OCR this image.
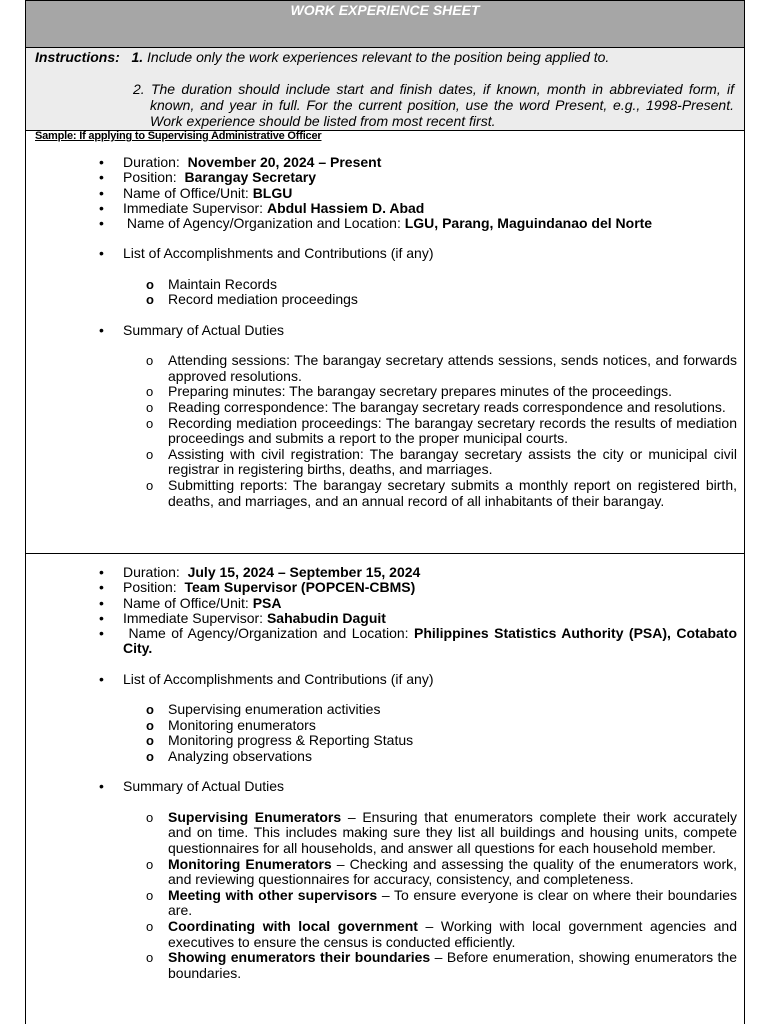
WORK EXPERIENCE SHEET
Instructions: 1. Include only the work experiences relevant to the position being applied to.
2. The duration should include start and finish dates, if known, month in abbreviated form, if known, and year in full. For the current position, use the word Present, e.g., 1998-Present. Work experience should be listed from most recent first.
Sample: If applying to Supervising Administrative Officer
• Duration: November 20, 2024 – Present
• Position: Barangay Secretary
• Name of Office/Unit: BLGU
• Immediate Supervisor: Abdul Hassiem D. Abad
• Name of Agency/Organization and Location: LGU, Parang, Maguindanao del Norte
• List of Accomplishments and Contributions (if any)
o Maintain Records
o Record mediation proceedings
• Summary of Actual Duties
o Attending sessions: The barangay secretary attends sessions, sends notices, and forwards approved resolutions.
o Preparing minutes: The barangay secretary prepares minutes of the proceedings.
o Reading correspondence: The barangay secretary reads correspondence and resolutions.
o Recording mediation proceedings: The barangay secretary records the results of mediation proceedings and submits a report to the proper municipal courts.
o Assisting with civil registration: The barangay secretary assists the city or municipal civil registrar in registering births, deaths, and marriages.
o Submitting reports: The barangay secretary submits a monthly report on registered birth, deaths, and marriages, and an annual record of all inhabitants of their barangay.
• Duration: July 15, 2024 – September 15, 2024
• Position: Team Supervisor (POPCEN-CBMS)
• Name of Office/Unit: PSA
• Immediate Supervisor: Sahabudin Daguit
• Name of Agency/Organization and Location: Philippines Statistics Authority (PSA), Cotabato City.
• List of Accomplishments and Contributions (if any)
o Supervising enumeration activities
o Monitoring enumerators
o Monitoring progress & Reporting Status
o Analyzing observations
• Summary of Actual Duties
o Supervising Enumerators – Ensuring that enumerators complete their work accurately and on time. This includes making sure they list all buildings and housing units, compete questionnaires for all households, and answer all questions for each household member.
o Monitoring Enumerators – Checking and assessing the quality of the enumerators work, and reviewing questionnaires for accuracy, consistency, and completeness.
o Meeting with other supervisors – To ensure everyone is clear on where their boundaries are.
o Coordinating with local government – Working with local government agencies and executives to ensure the census is conducted efficiently.
o Showing enumerators their boundaries – Before enumeration, showing enumerators the boundaries.
